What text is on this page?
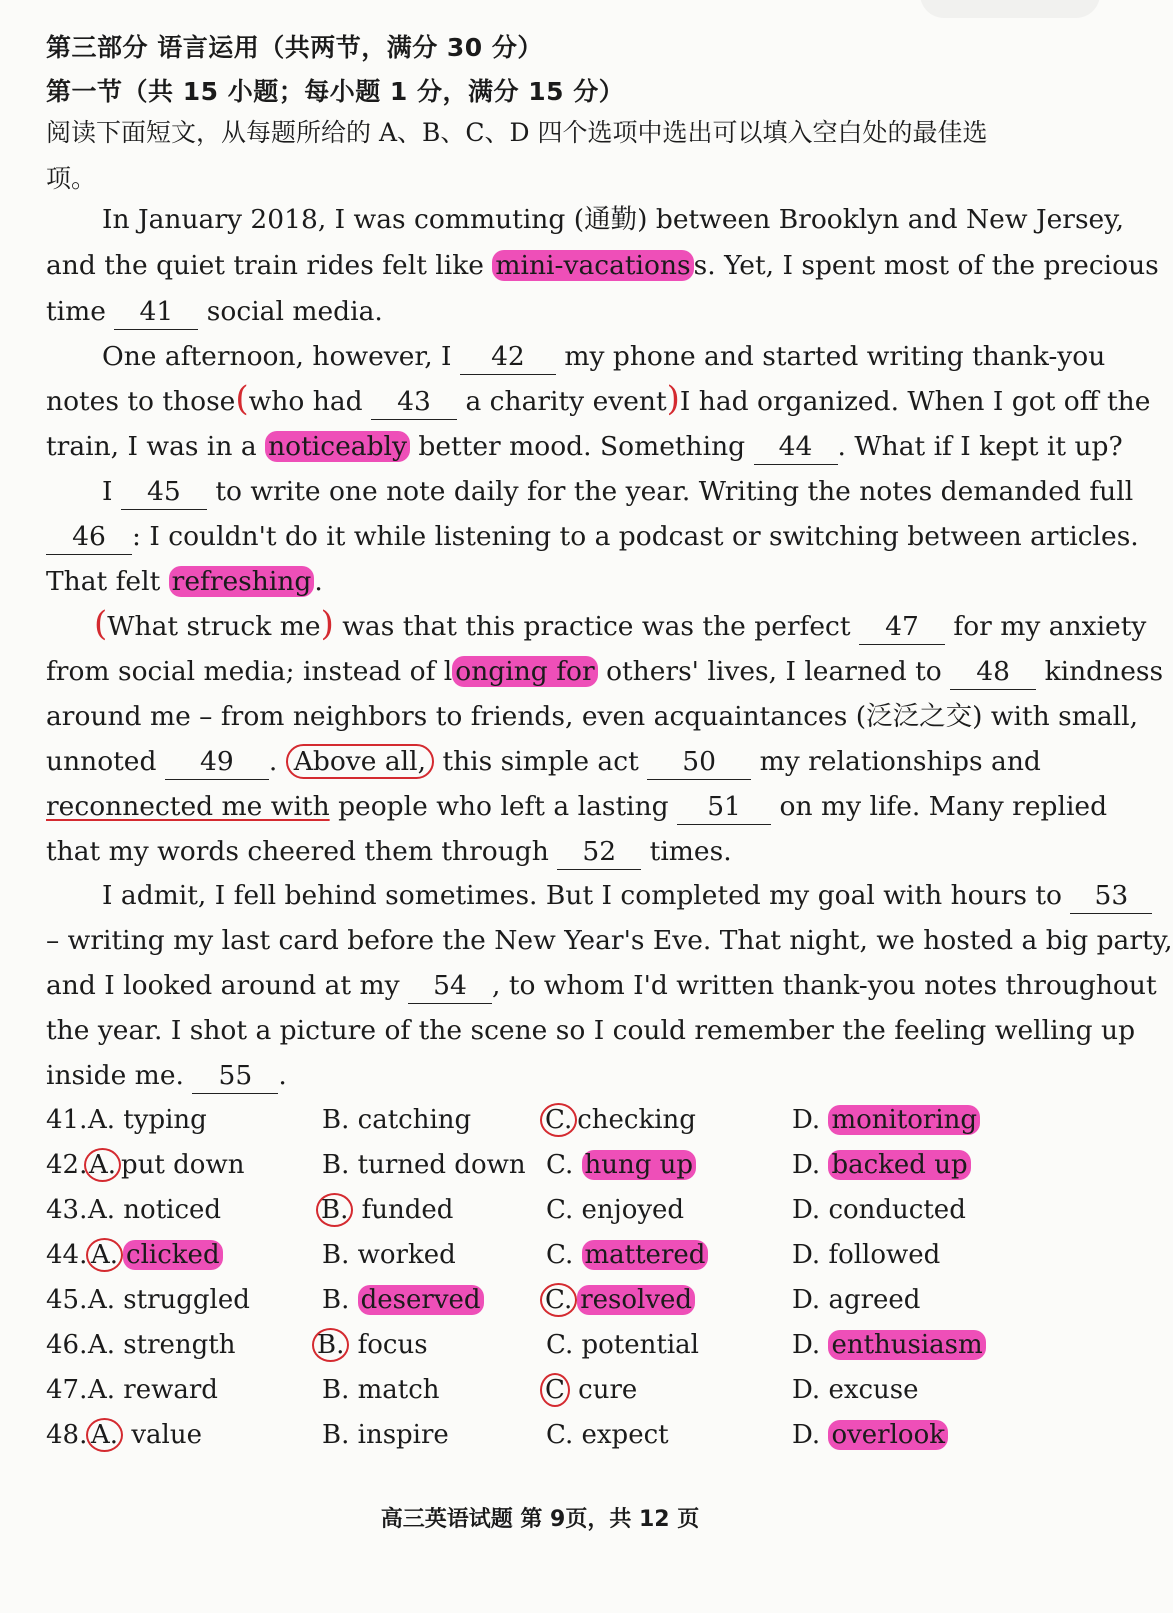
第三部分 语言运用（共两节，满分 30 分）
第一节（共 15 小题；每小题 1 分，满分 15 分）
阅读下面短文，从每题所给的 A、B、C、D 四个选项中选出可以填入空白处的最佳选项。
In January 2018, I was commuting (通勤) between Brooklyn and New Jersey,
and the quiet train rides felt like mini-vacations s. Yet, I spent most of the precious
time 41 social media.
One afternoon, however, I 42 my phone and started writing thank-you
notes to those(who had 43 a charity event)I had organized. When I got off the
train, I was in a noticeably better mood. Something 44 . What if I kept it up?
I 45 to write one note daily for the year. Writing the notes demanded full
46 : I couldn't do it while listening to a podcast or switching between articles.
That felt refreshing .
(What struck me) was that this practice was the perfect 47 for my anxiety
from social media; instead of l onging for others' lives, I learned to 48 kindness
around me – from neighbors to friends, even acquaintances (泛泛之交) with small,
unnoted 49 . Above all, this simple act 50 my relationships and
reconnected me with people who left a lasting 51 on my life. Many replied
that my words cheered them through 52 times.
I admit, I fell behind sometimes. But I completed my goal with hours to 53
– writing my last card before the New Year's Eve. That night, we hosted a big party,
and I looked around at my 54 , to whom I'd written thank-you notes throughout
the year. I shot a picture of the scene so I could remember the feeling welling up
inside me. 55 .
41. A. typing	B. catching	C. checking	D. monitoring
42. A. put down	B. turned down C. hung up	D. backed up
43. A. noticed	B. funded	C. enjoyed	D. conducted
44. A. clicked	B. worked	C. mattered	D. followed
45. A. struggled	B. deserved C. resolved	D. agreed
46. A. strength	B. focus	C. potential	D. enthusiasm
47. A. reward	B. match	C cure	D. excuse
48. A. value	B. inspire	C. expect	D. overlook
高三英语试题 第 9页，共 12 页
